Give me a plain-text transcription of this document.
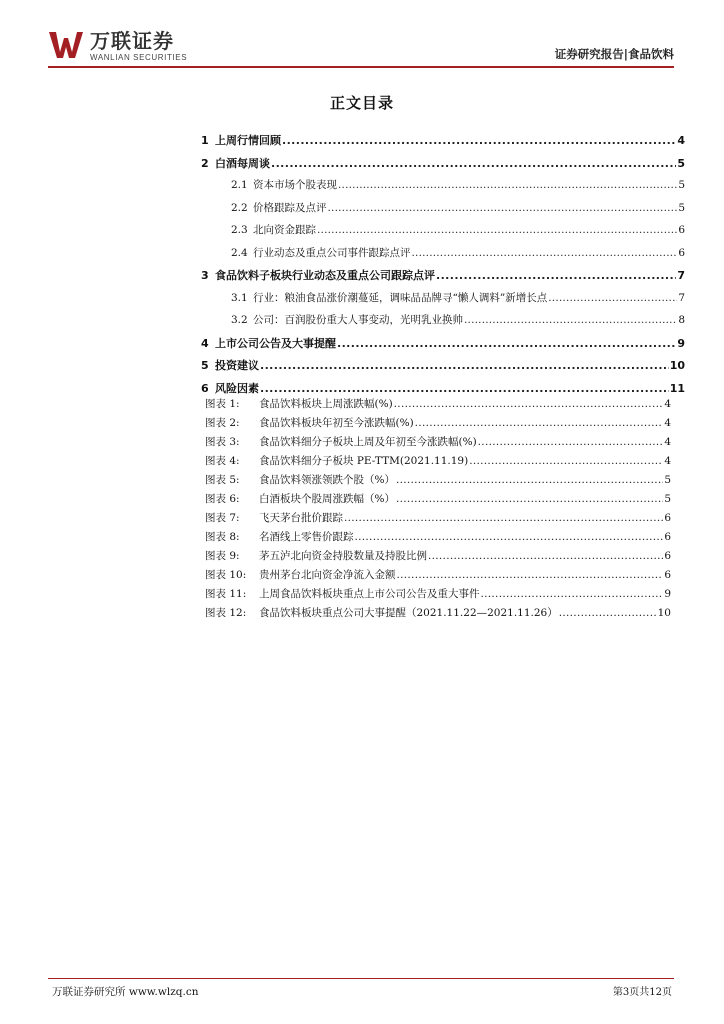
万联证券
WANLIAN SECURITIES	证券研究报告|食品饮料
正文目录
1 上周行情回顾 .....	4
2 白酒每周谈 .....	5
2.1 资本市场个股表现 .....	5
2.2 价格跟踪及点评 .....	5
2.3 北向资金跟踪 .....	6
2.4 行业动态及重点公司事件跟踪点评 .....	6
3 食品饮料子板块行业动态及重点公司跟踪点评 .....	7
3.1 行业：粮油食品涨价潮蔓延，调味品品牌寻“懒人调料”新增长点 .....	7
3.2 公司：百润股份重大人事变动，光明乳业换帅 .....	8
4 上市公司公告及大事提醒 .....	9
5 投资建议 .....	10
6 风险因素 .....	11
图表 1:	食品饮料板块上周涨跌幅(%) .....	4
图表 2:	食品饮料板块年初至今涨跌幅(%) .....	4
图表 3:	食品饮料细分子板块上周及年初至今涨跌幅(%) .....	4
图表 4:	食品饮料细分子板块 PE-TTM(2021.11.19) .....	4
图表 5:	食品饮料领涨领跌个股（%） .....	5
图表 6:	白酒板块个股周涨跌幅（%） .....	5
图表 7:	飞天茅台批价跟踪 .....	6
图表 8:	名酒线上零售价跟踪 .....	6
图表 9:	茅五泸北向资金持股数量及持股比例 .....	6
图表 10:	贵州茅台北向资金净流入金额 .....	6
图表 11:	上周食品饮料板块重点上市公司公告及重大事件 .....	9
图表 12:	食品饮料板块重点公司大事提醒（2021.11.22—2021.11.26） .....	10
万联证券研究所 www.wlzq.cn	第3页共12页
